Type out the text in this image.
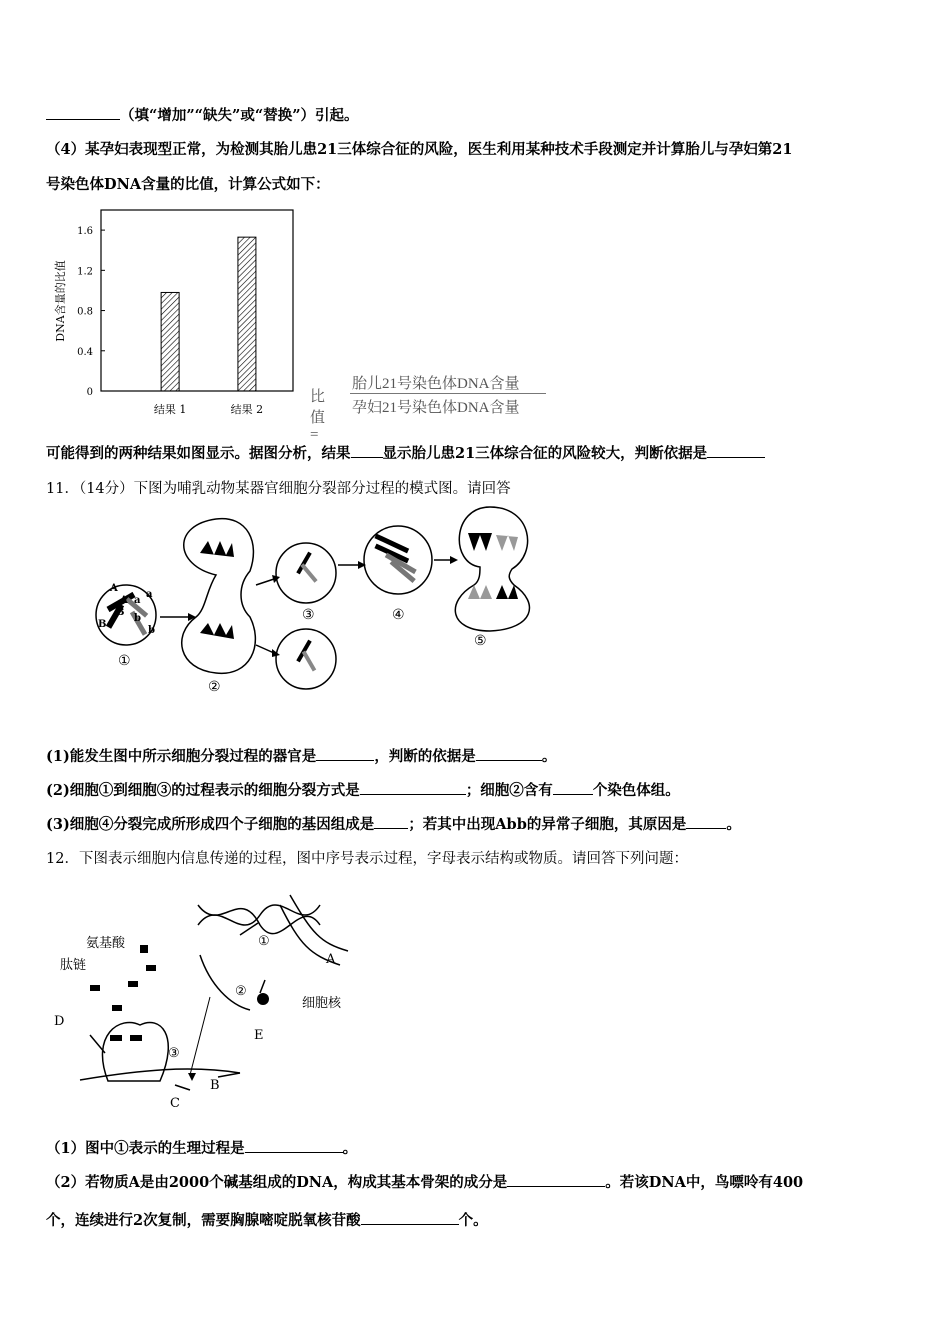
（填“增加”“缺失”或“替换”）引起。
（4）某孕妇表现型正常，为检测其胎儿患21三体综合征的风险，医生利用某种技术手段测定并计算胎儿与孕妇第21
号染色体DNA含量的比值，计算公式如下：
DNA含量的比值
0
0.4
0.8
1.2
1.6
结果 1	结果 2
比值=
胎儿21号染色体DNA含量
孕妇21号染色体DNA含量
可能得到的两种结果如图显示。据图分析，结果 显示胎儿患21三体综合征的风险较大，判断依据是
11．（14分）下图为哺乳动物某器官细胞分裂部分过程的模式图。请回答
A
a
A
a
B
B
b
b
①
②
③	④
⑤
(1)能发生图中所示细胞分裂过程的器官是	，判断的依据是	。
(2)细胞①到细胞③的过程表示的细胞分裂方式是	；细胞②含有	个染色体组。
(3)细胞④分裂完成所形成四个子细胞的基因组成是 ；若其中出现Abb的异常子细胞，其原因是	。
12．下图表示细胞内信息传递的过程，图中序号表示过程，字母表示结构或物质。请回答下列问题：
氨基酸
肽链
D
C
B
E
A
细胞核
①
②
③
（1）图中①表示的生理过程是	。
（2）若物质A是由2000个碱基组成的DNA，构成其基本骨架的成分是	。若该DNA中，鸟嘌呤有400
个，连续进行2次复制，需要胸腺嘧啶脱氧核苷酸	个。
